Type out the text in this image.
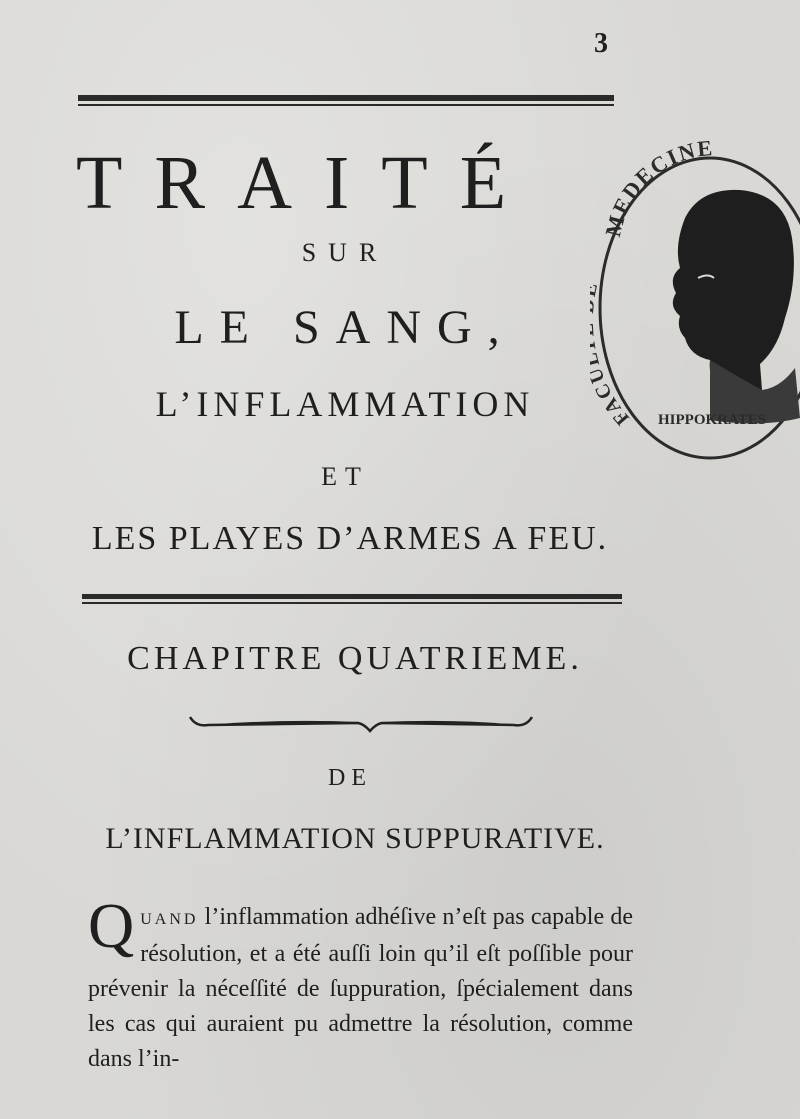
3
TRAITÉ
SUR
LE SANG,
L’INFLAMMATION
ET
LES PLAYES D’ARMES A FEU.
CHAPITRE QUATRIEME.
DE
L’INFLAMMATION SUPPURATIVE.
QUAND l’inflammation adhéſive n’eſt pas capable de résolution, et a été auſſi loin qu’il eſt poſſible pour prévenir la néceſſité de ſuppuration, ſpécialement dans les cas qui auraient pu admettre la résolution, comme dans l’in-
MEDECINE
FAC
HIPPOKRATES
